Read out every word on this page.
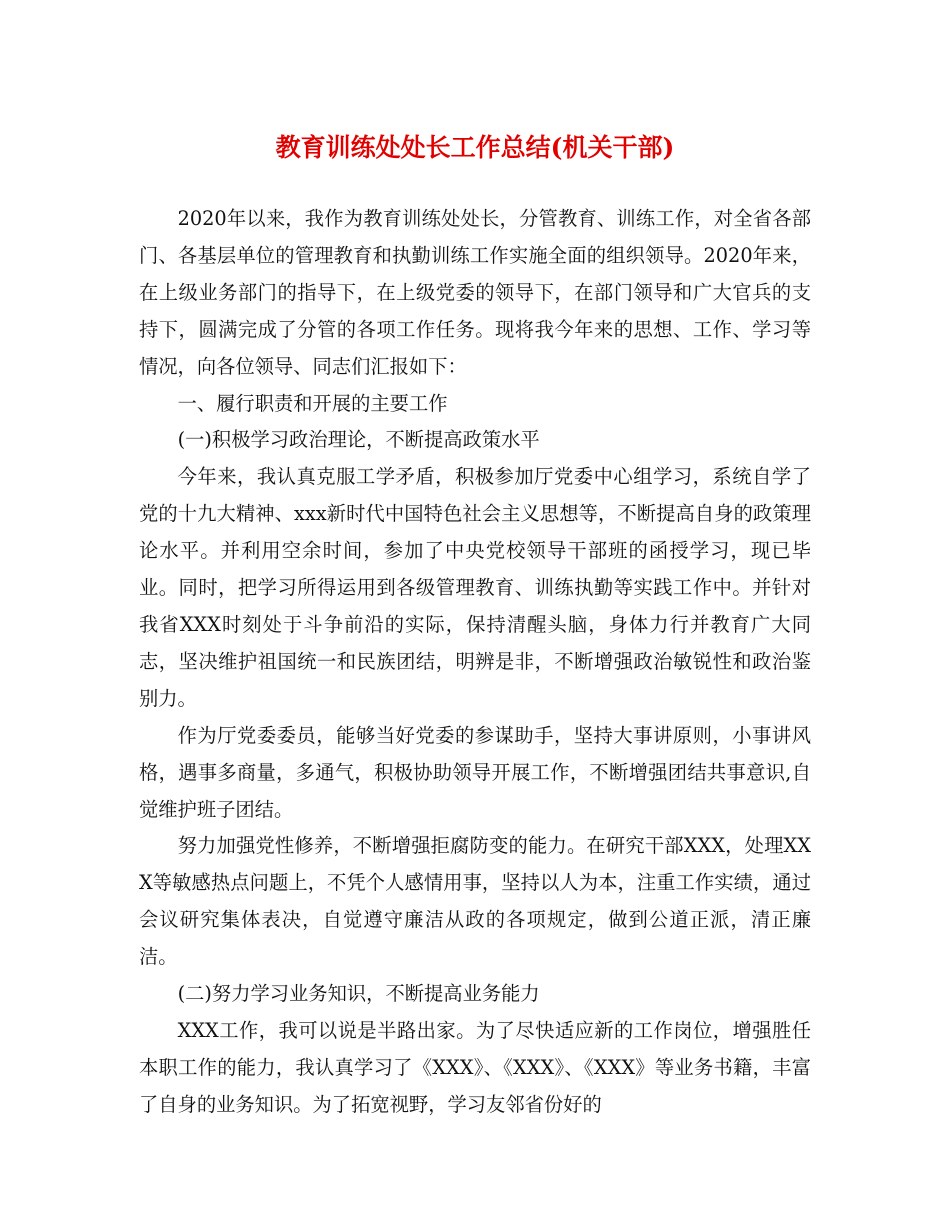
教育训练处处长工作总结(机关干部)

2020年以来，我作为教育训练处处长，分管教育、训练工作，对全省各部门、各基层单位的管理教育和执勤训练工作实施全面的组织领导。2020年来，在上级业务部门的指导下，在上级党委的领导下，在部门领导和广大官兵的支持下，圆满完成了分管的各项工作任务。现将我今年来的思想、工作、学习等情况，向各位领导、同志们汇报如下：

一、履行职责和开展的主要工作

(一)积极学习政治理论，不断提高政策水平

今年来，我认真克服工学矛盾，积极参加厅党委中心组学习，系统自学了党的十九大精神、xxx新时代中国特色社会主义思想等，不断提高自身的政策理论水平。并利用空余时间，参加了中央党校领导干部班的函授学习，现已毕业。同时，把学习所得运用到各级管理教育、训练执勤等实践工作中。并针对我省XXX时刻处于斗争前沿的实际，保持清醒头脑，身体力行并教育广大同志，坚决维护祖国统一和民族团结，明辨是非，不断增强政治敏锐性和政治鉴别力。

作为厅党委委员，能够当好党委的参谋助手，坚持大事讲原则，小事讲风格，遇事多商量，多通气，积极协助领导开展工作，不断增强团结共事意识,自觉维护班子团结。

努力加强党性修养，不断增强拒腐防变的能力。在研究干部XXX，处理XXX等敏感热点问题上，不凭个人感情用事，坚持以人为本，注重工作实绩，通过会议研究集体表决，自觉遵守廉洁从政的各项规定，做到公道正派，清正廉洁。

(二)努力学习业务知识，不断提高业务能力

XXX工作，我可以说是半路出家。为了尽快适应新的工作岗位，增强胜任本职工作的能力，我认真学习了《XXX》、《XXX》、《XXX》等业务书籍，丰富了自身的业务知识。为了拓宽视野，学习友邻省份好的
